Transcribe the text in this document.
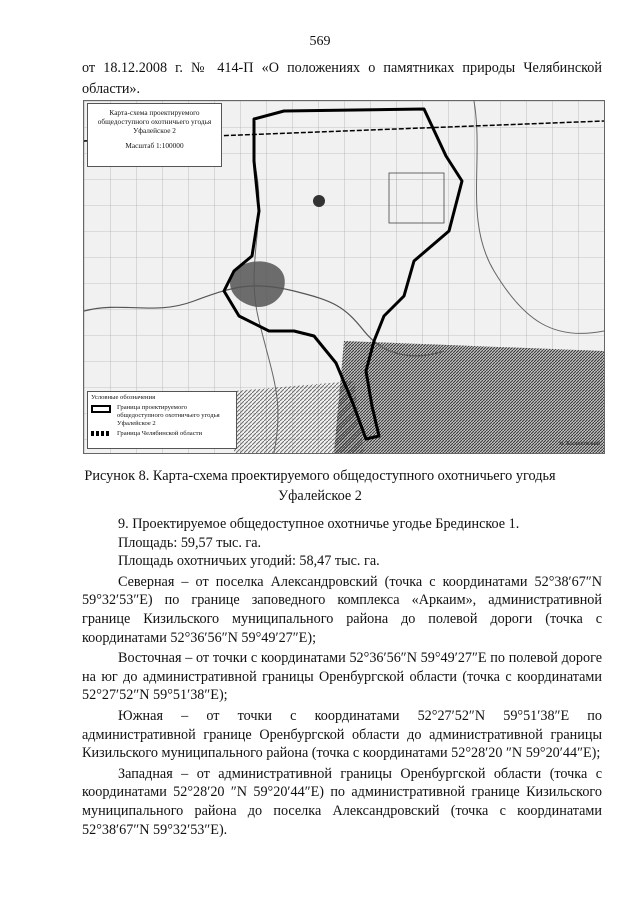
569
от 18.12.2008 г. № 414-П «О положениях о памятниках природы Челябинской области».
Карта-схема проектируемого общедоступного охотничьего угодья Уфалейское 2
Масштаб 1:100000
Условные обозначения
Граница проектируемого общедоступного охотничьего угодья Уфалейское 2
Граница Челябинской области
м. Калиновский
Рисунок 8. Карта-схема проектируемого общедоступного охотничьего угодья
Уфалейское 2

9. Проектируемое общедоступное охотничье угодье Брединское 1.

Площадь: 59,57 тыс. га.

Площадь охотничьих угодий: 58,47 тыс. га.

Северная – от поселка Александровский (точка с координатами 52°38′67″N 59°32′53″E) по границе заповедного комплекса «Аркаим», административной границе Кизильского муниципального района до полевой дороги (точка с координатами 52°36′56″N 59°49′27″E);

Восточная – от точки с координатами 52°36′56″N 59°49′27″E по полевой дороге на юг до административной границы Оренбургской области (точка с координатами 52°27′52″N 59°51′38″E);

Южная – от точки с координатами 52°27′52″N 59°51′38″E по административной границе Оренбургской области до административной границы Кизильского муниципального района (точка с координатами 52°28′20 ″N 59°20′44″E);

Западная – от административной границы Оренбургской области (точка с координатами 52°28′20 ″N 59°20′44″E) по административной границе Кизильского муниципального района до поселка Александровский (точка с координатами 52°38′67″N 59°32′53″E).
